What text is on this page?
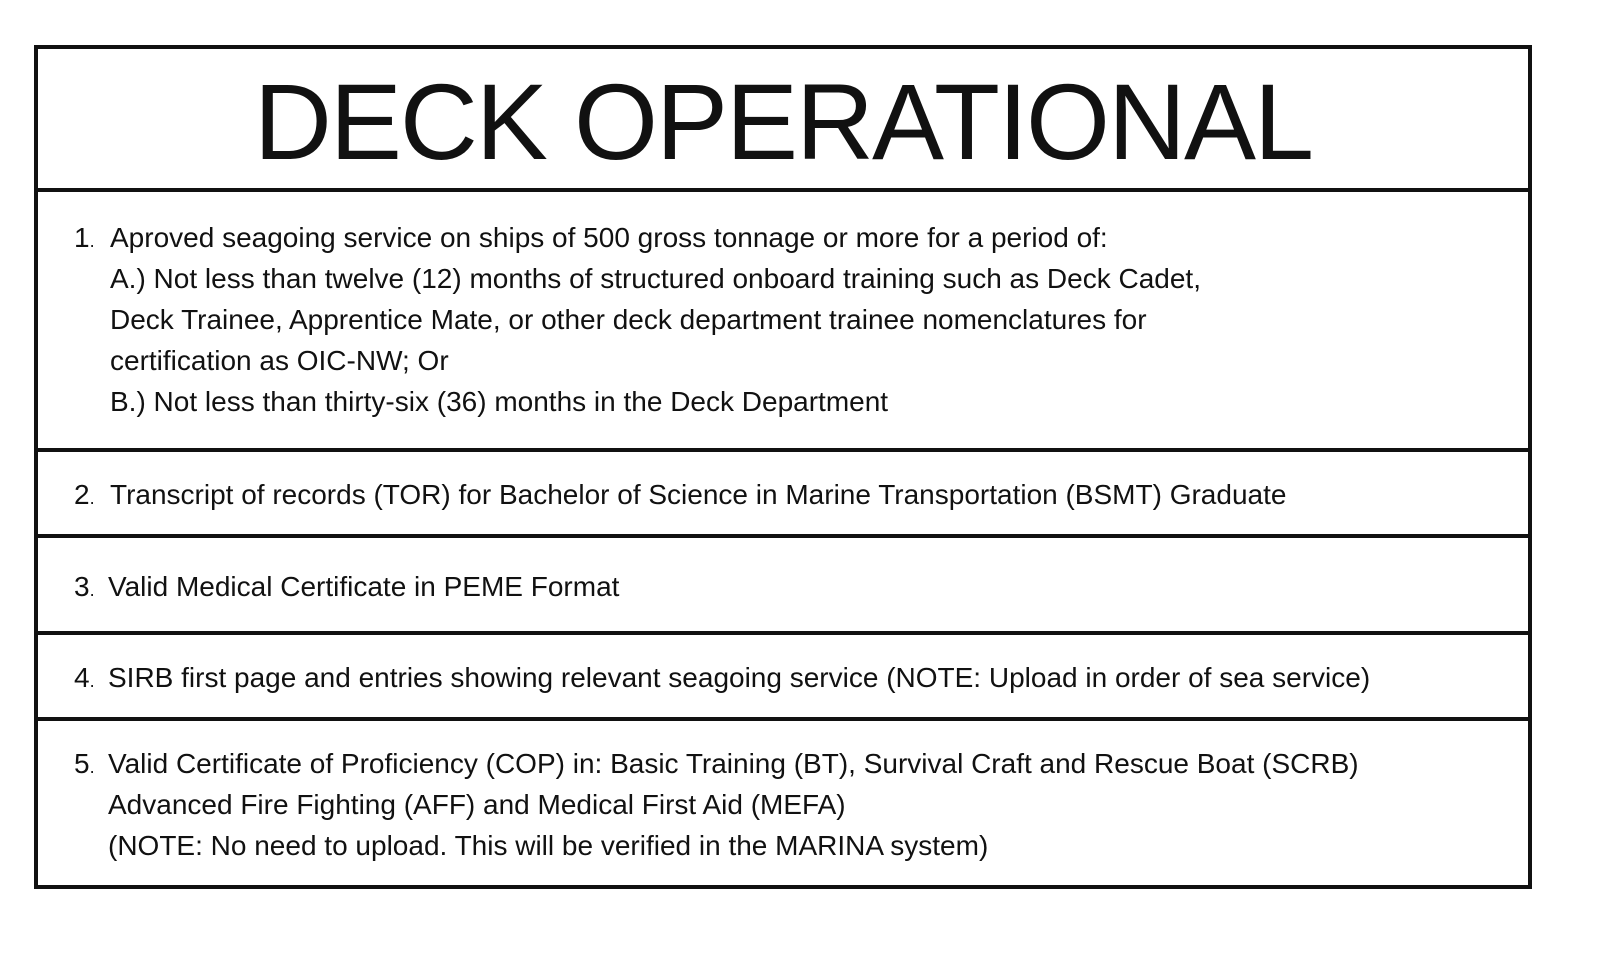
DECK OPERATIONAL
1. Aproved seagoing service on ships of 500 gross tonnage or more for a period of:
A.) Not less than twelve (12) months of structured onboard training such as Deck Cadet,
Deck Trainee, Apprentice Mate, or other deck department trainee nomenclatures for
certification as OIC-NW; Or
B.) Not less than thirty-six (36) months in the Deck Department
2. Transcript of records (TOR) for Bachelor of Science in Marine Transportation (BSMT) Graduate
3. Valid Medical Certificate in PEME Format
4. SIRB first page and entries showing relevant seagoing service (NOTE: Upload in order of sea service)
5. Valid Certificate of Proficiency (COP) in: Basic Training (BT), Survival Craft and Rescue Boat (SCRB)
Advanced Fire Fighting (AFF) and Medical First Aid (MEFA)
(NOTE: No need to upload. This will be verified in the MARINA system)
